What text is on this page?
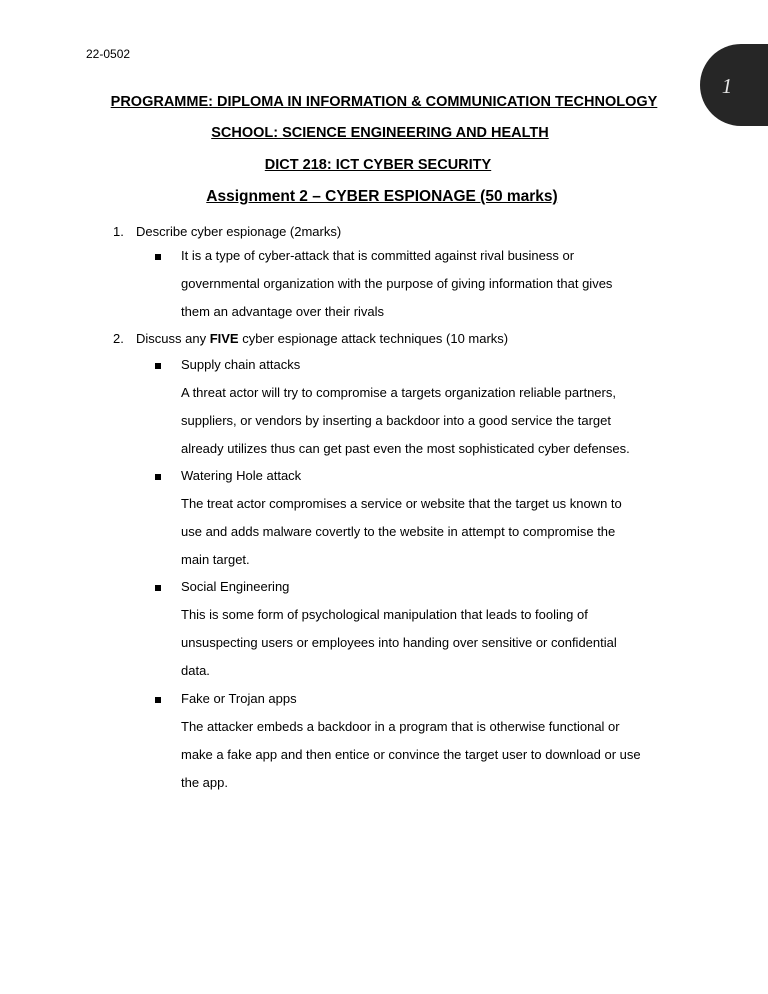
22-0502
1
PROGRAMME: DIPLOMA IN INFORMATION & COMMUNICATION TECHNOLOGY
SCHOOL: SCIENCE ENGINEERING AND HEALTH
DICT 218: ICT CYBER SECURITY
Assignment 2 – CYBER ESPIONAGE (50 marks)
1. Describe cyber espionage (2marks)
It is a type of cyber-attack that is committed against rival business or
governmental organization with the purpose of giving information that gives
them an advantage over their rivals
2. Discuss any FIVE cyber espionage attack techniques (10 marks)
Supply chain attacks
A threat actor will try to compromise a targets organization reliable partners,
suppliers, or vendors by inserting a backdoor into a good service the target
already utilizes thus can get past even the most sophisticated cyber defenses.
Watering Hole attack
The treat actor compromises a service or website that the target us known to
use and adds malware covertly to the website in attempt to compromise the
main target.
Social Engineering
This is some form of psychological manipulation that leads to fooling of
unsuspecting users or employees into handing over sensitive or confidential
data.
Fake or Trojan apps
The attacker embeds a backdoor in a program that is otherwise functional or
make a fake app and then entice or convince the target user to download or use
the app.
